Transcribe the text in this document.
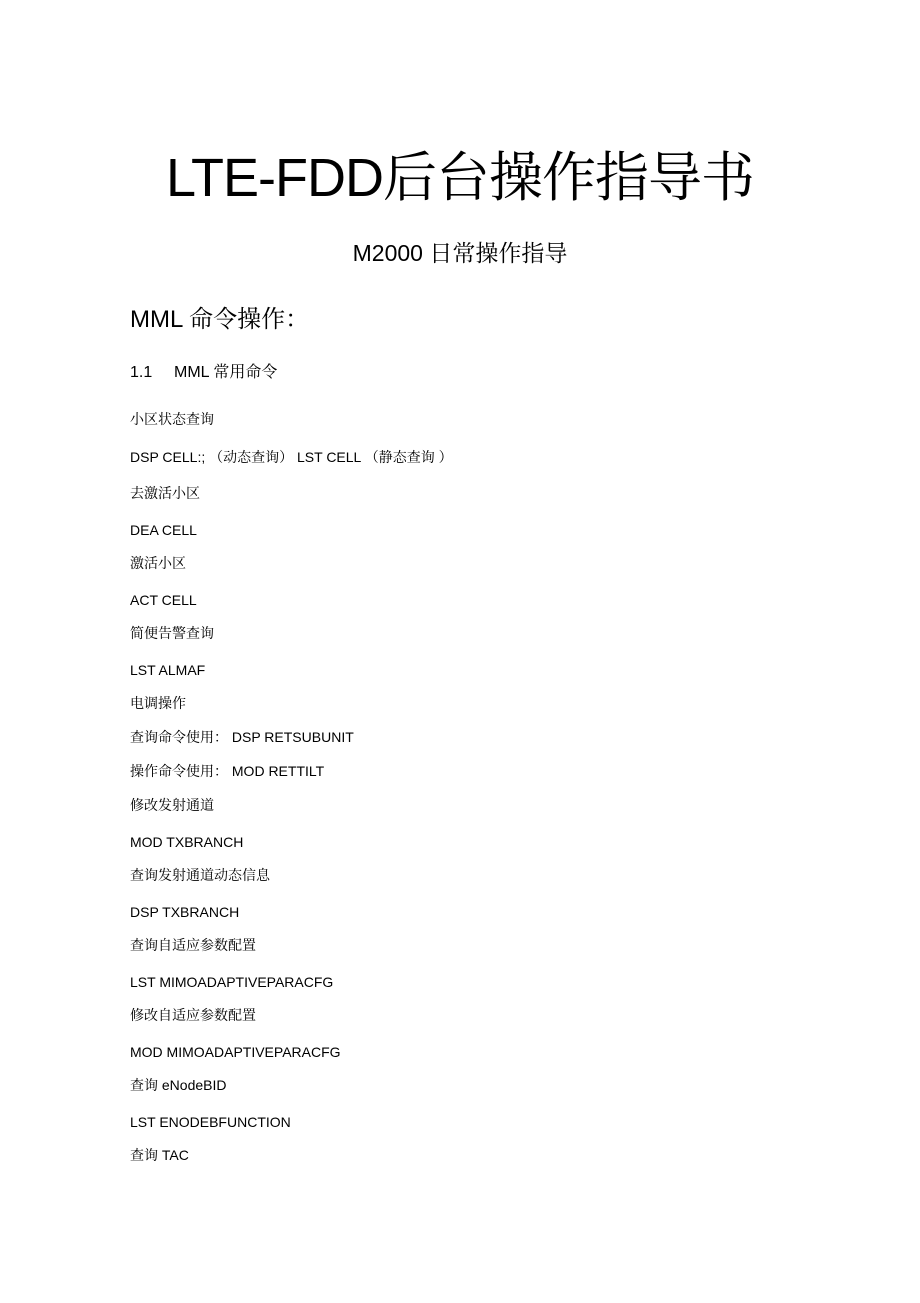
LTE-FDD后台操作指导书
M2000 日常操作指导
MML 命令操作：
1.1 MML 常用命令
小区状态查询
DSP CELL:; （动态查询） LST CELL （静态查询 ）
去激活小区
DEA CELL
激活小区
ACT CELL
简便告警查询
LST ALMAF
电调操作
查询命令使用： DSP RETSUBUNIT
操作命令使用： MOD RETTILT
修改发射通道
MOD TXBRANCH
查询发射通道动态信息
DSP TXBRANCH
查询自适应参数配置
LST MIMOADAPTIVEPARACFG
修改自适应参数配置
MOD MIMOADAPTIVEPARACFG
查询 eNodeBID
LST ENODEBFUNCTION
查询 TAC
